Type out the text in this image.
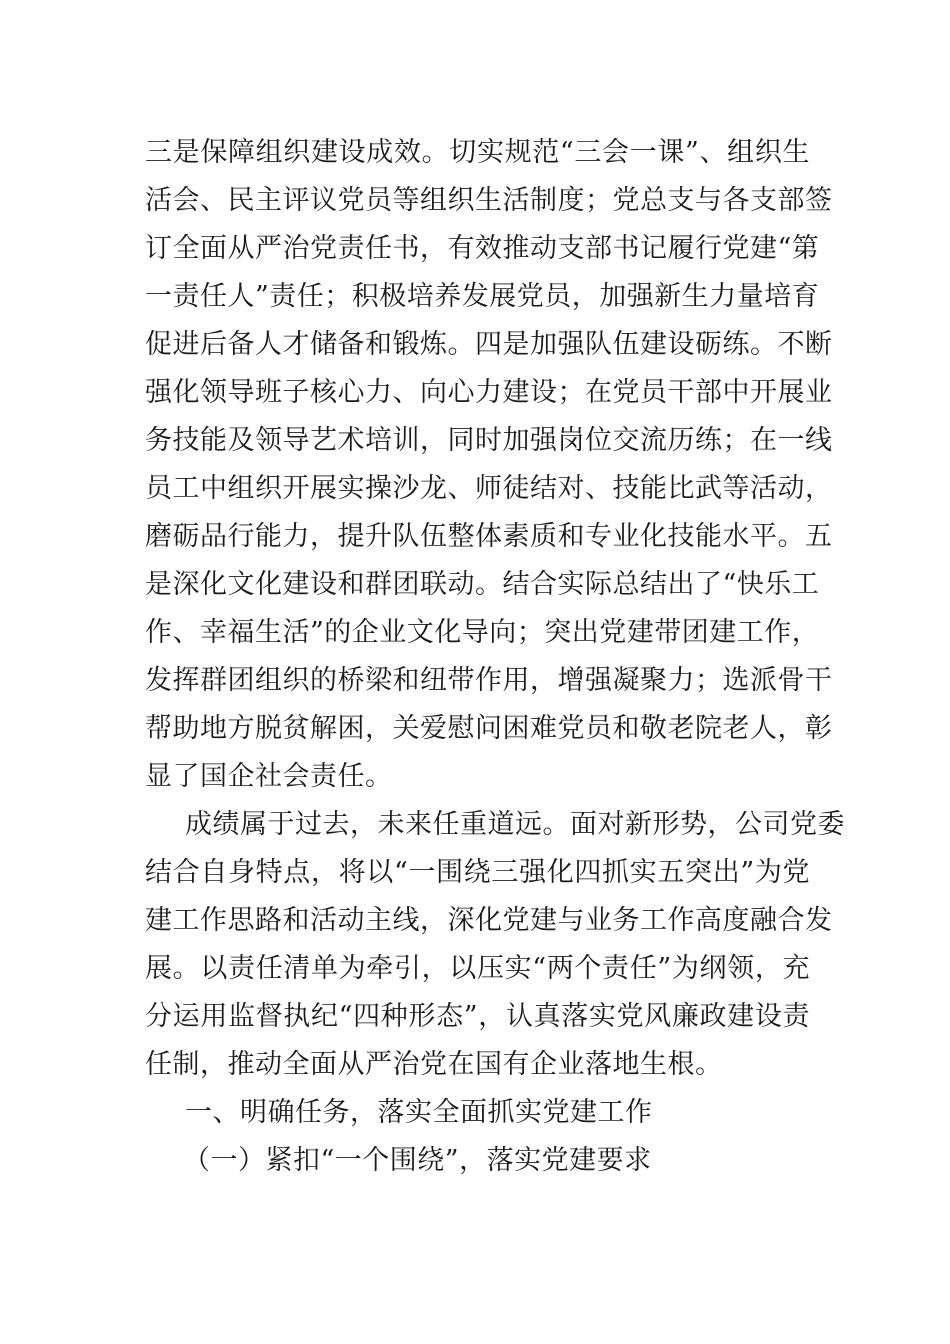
三是保障组织建设成效。切实规范“三会一课”、组织生
活会、民主评议党员等组织生活制度；党总支与各支部签
订全面从严治党责任书，有效推动支部书记履行党建“第
一责任人”责任；积极培养发展党员，加强新生力量培育
促进后备人才储备和锻炼。四是加强队伍建设砺练。不断
强化领导班子核心力、向心力建设；在党员干部中开展业
务技能及领导艺术培训，同时加强岗位交流历练；在一线
员工中组织开展实操沙龙、师徒结对、技能比武等活动，
磨砺品行能力，提升队伍整体素质和专业化技能水平。五
是深化文化建设和群团联动。结合实际总结出了“快乐工
作、幸福生活”的企业文化导向；突出党建带团建工作，
发挥群团组织的桥梁和纽带作用，增强凝聚力；选派骨干
帮助地方脱贫解困，关爱慰问困难党员和敬老院老人，彰
显了国企社会责任。
成绩属于过去，未来任重道远。面对新形势，公司党委
结合自身特点，将以“一围绕三强化四抓实五突出”为党
建工作思路和活动主线，深化党建与业务工作高度融合发
展。以责任清单为牵引，以压实“两个责任”为纲领，充
分运用监督执纪“四种形态”，认真落实党风廉政建设责
任制，推动全面从严治党在国有企业落地生根。
一、明确任务，落实全面抓实党建工作
（一）紧扣“一个围绕”，落实党建要求
